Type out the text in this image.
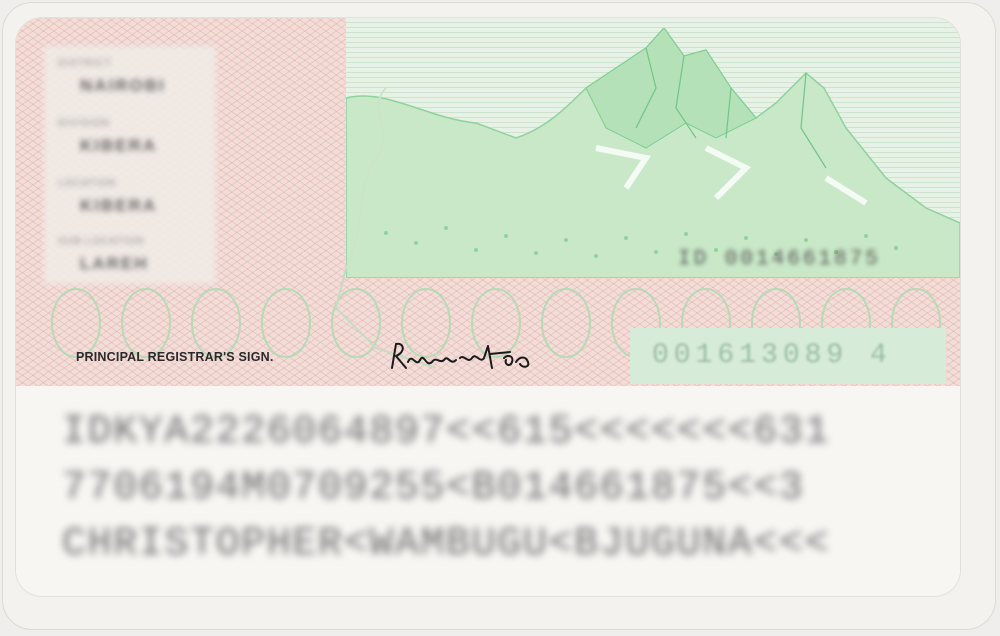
DISTRICT
NAIROBI
DIVISION
KIBERA
LOCATION
KIBERA
SUB-LOCATION
LAREH	ID 0014661875
001613089 4
PRINCIPAL REGISTRAR'S SIGN.
IDKYA2226064897<<615<<<<<<<631
7706194M0709255<B014661875<<3
CHRISTOPHER<WAMBUGU<BJUGUNA<<<
